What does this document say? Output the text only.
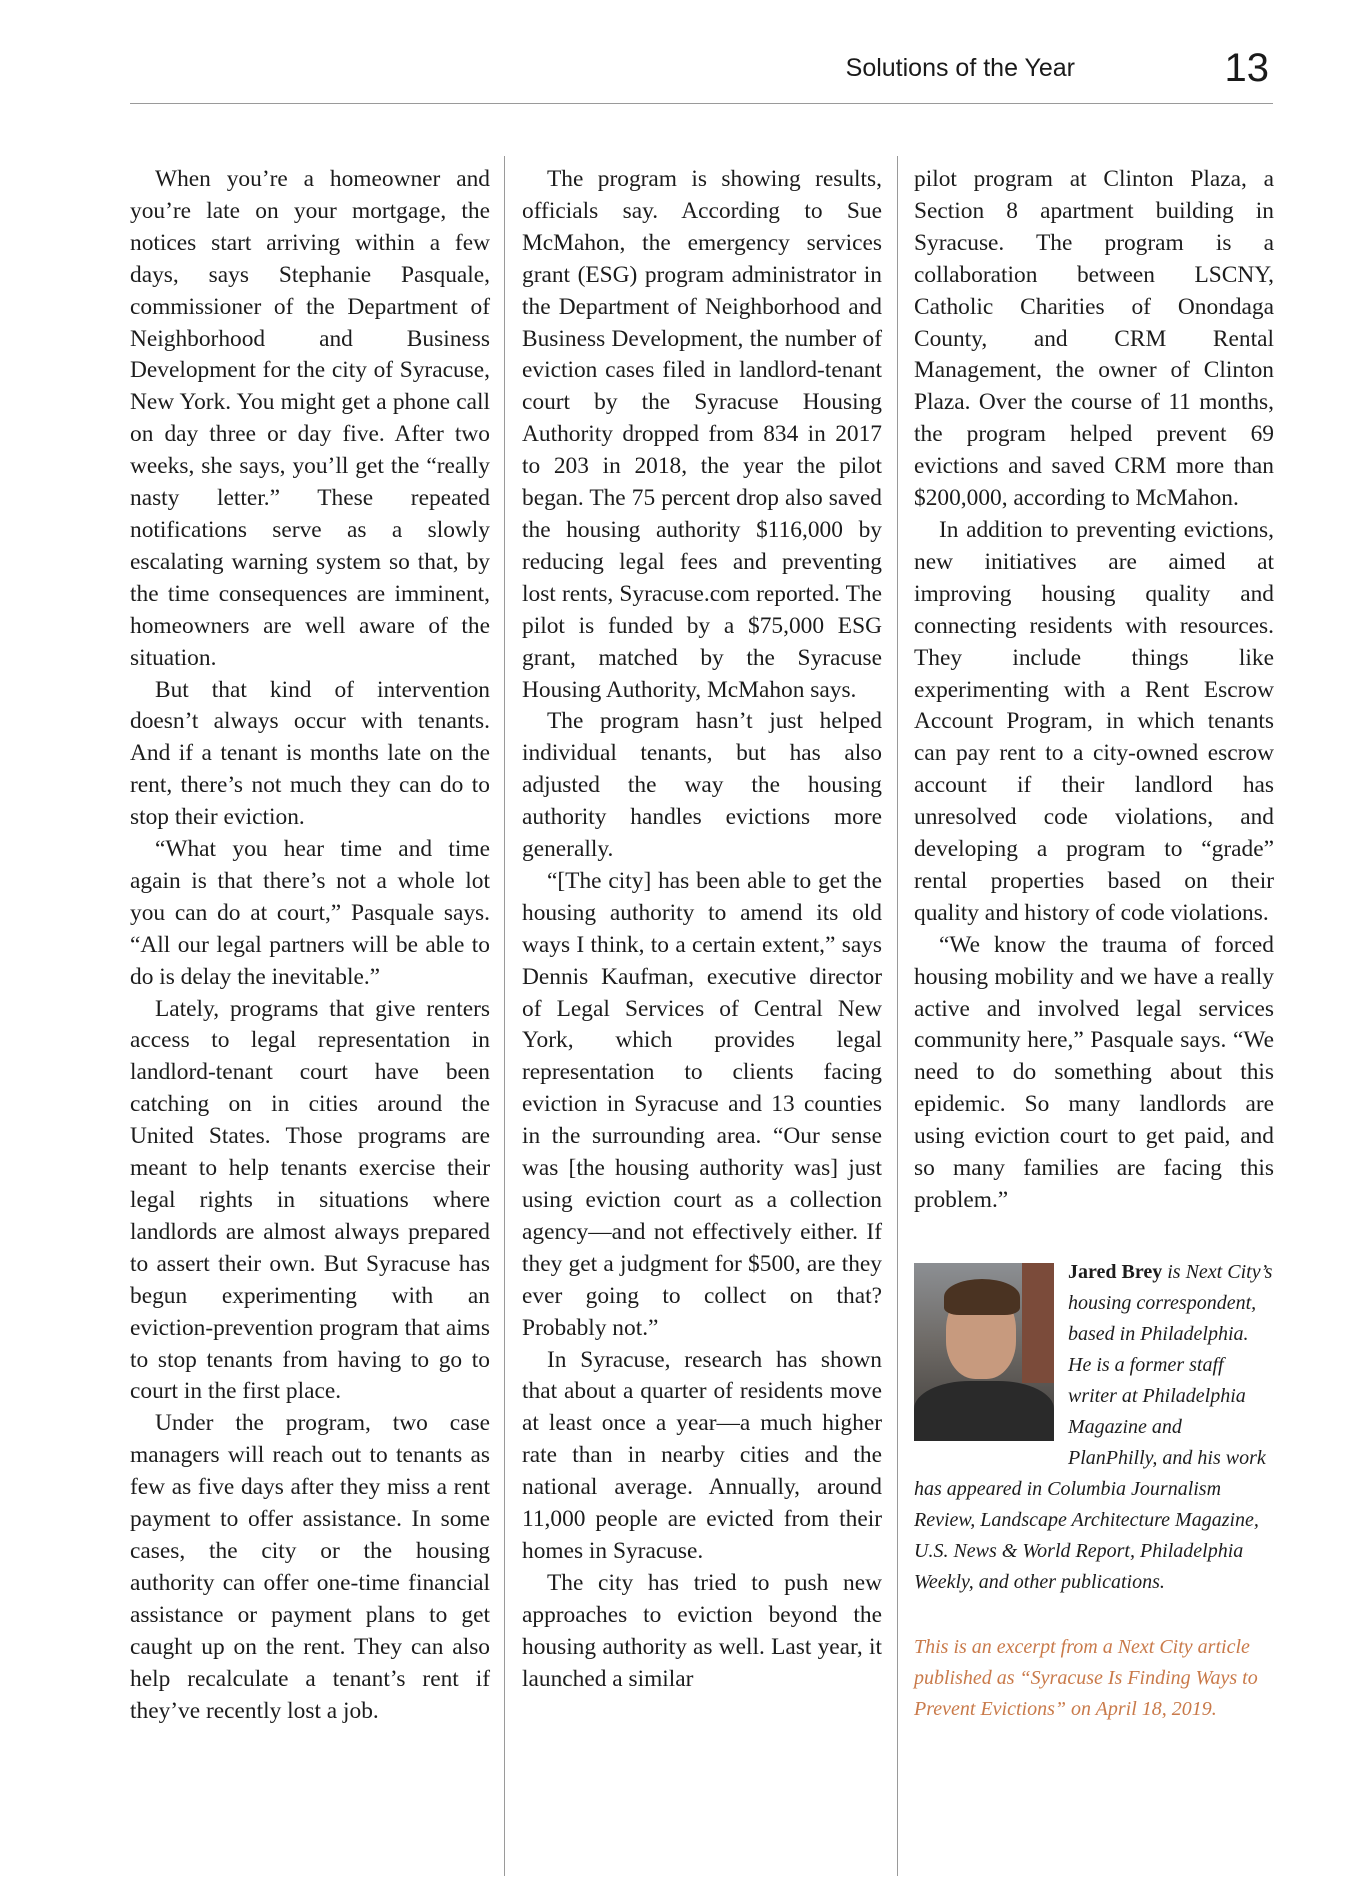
Solutions of the Year	13

When you’re a homeowner and you’re late on your mortgage, the notices start arriving within a few days, says Stephanie Pasquale, commissioner of the Department of Neighborhood and Business Development for the city of Syracuse, New York. You might get a phone call on day three or day five. After two weeks, she says, you’ll get the “really nasty letter.” These repeated notifications serve as a slowly escalating warning system so that, by the time consequences are imminent, homeowners are well aware of the situation.

But that kind of intervention doesn’t always occur with tenants. And if a tenant is months late on the rent, there’s not much they can do to stop their eviction.

“What you hear time and time again is that there’s not a whole lot you can do at court,” Pasquale says. “All our legal partners will be able to do is delay the inevitable.”

Lately, programs that give renters access to legal representation in landlord-tenant court have been catching on in cities around the United States. Those programs are meant to help tenants exercise their legal rights in situations where landlords are almost always prepared to assert their own. But Syracuse has begun experimenting with an eviction-prevention program that aims to stop tenants from having to go to court in the first place.

Under the program, two case managers will reach out to tenants as few as five days after they miss a rent payment to offer assistance. In some cases, the city or the housing authority can offer one-time financial assistance or payment plans to get caught up on the rent. They can also help recalculate a tenant’s rent if they’ve recently lost a job.

The program is showing results, officials say. According to Sue McMahon, the emergency services grant (ESG) program administrator in the Department of Neighborhood and Business Development, the number of eviction cases filed in landlord-tenant court by the Syracuse Housing Authority dropped from 834 in 2017 to 203 in 2018, the year the pilot began. The 75 percent drop also saved the housing authority $116,000 by reducing legal fees and preventing lost rents, Syracuse.com reported. The pilot is funded by a $75,000 ESG grant, matched by the Syracuse Housing Authority, McMahon says.

The program hasn’t just helped individual tenants, but has also adjusted the way the housing authority handles evictions more generally.

“[The city] has been able to get the housing authority to amend its old ways I think, to a certain extent,” says Dennis Kaufman, executive director of Legal Services of Central New York, which provides legal representation to clients facing eviction in Syracuse and 13 counties in the surrounding area. “Our sense was [the housing authority was] just using eviction court as a collection agency—and not effectively either. If they get a judgment for $500, are they ever going to collect on that? Probably not.”

In Syracuse, research has shown that about a quarter of residents move at least once a year—a much higher rate than in nearby cities and the national average. Annually, around 11,000 people are evicted from their homes in Syracuse.

The city has tried to push new approaches to eviction beyond the housing authority as well. Last year, it launched a similar

pilot program at Clinton Plaza, a Section 8 apartment building in Syracuse. The program is a collaboration between LSCNY, Catholic Charities of Onondaga County, and CRM Rental Management, the owner of Clinton Plaza. Over the course of 11 months, the program helped prevent 69 evictions and saved CRM more than $200,000, according to McMahon.

In addition to preventing evictions, new initiatives are aimed at improving housing quality and connecting residents with resources. They include things like experimenting with a Rent Escrow Account Program, in which tenants can pay rent to a city-owned escrow account if their landlord has unresolved code violations, and developing a program to “grade” rental properties based on their quality and history of code violations.

“We know the trauma of forced housing mobility and we have a really active and involved legal services community here,” Pasquale says. “We need to do something about this epidemic. So many landlords are using eviction court to get paid, and so many families are facing this problem.”

Jared Brey is Next City’s housing correspondent, based in Philadelphia. He is a former staff writer at Philadelphia Magazine and PlanPhilly, and his work has appeared in Columbia Journalism Review, Landscape Architecture Magazine, U.S. News & World Report, Philadelphia Weekly, and other publications.
This is an excerpt from a Next City article published as “Syracuse Is Finding Ways to Prevent Evictions” on April 18, 2019.
